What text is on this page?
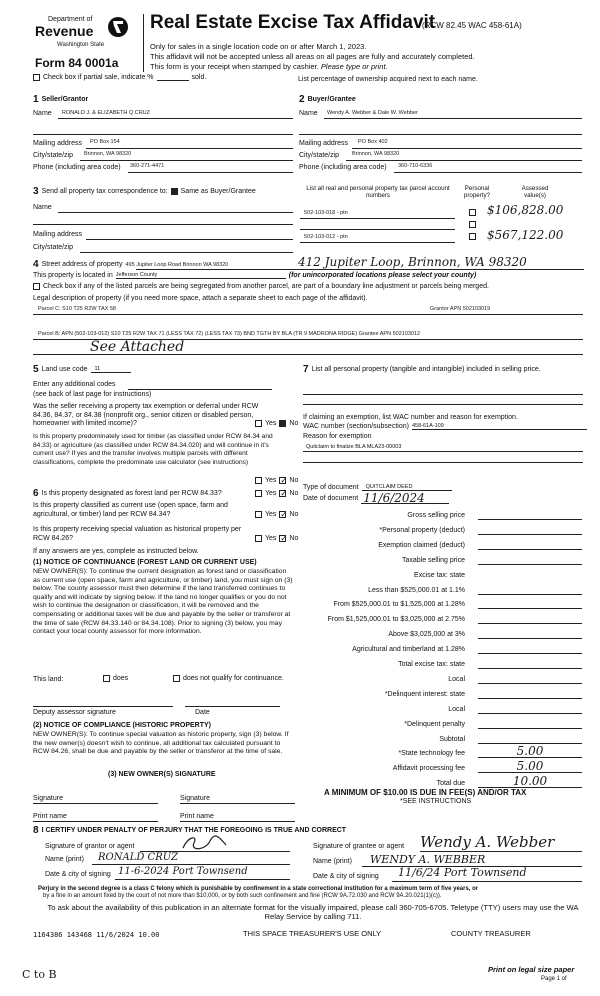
Department of
Revenue
Washington State
Form 84 0001a
Real Estate Excise Tax Affidavit
(RCW 82.45 WAC 458-61A)
Only for sales in a single location code on or after March 1, 2023.
This affidavit will not be accepted unless all areas on all pages are fully and accurately completed.
This form is your receipt when stamped by cashier. Please type or print.
Check box if partial sale, indicate %	sold.	List percentage of ownership acquired next to each name.
1 Seller/Grantor
Name RONALD J. & ELIZABETH Q CRUZ
Mailing address PO Box 154
City/state/zip Brinnon, WA 98320
Phone (including area code) 360-271-4471
2 Buyer/Grantee
Name Wendy A. Webber & Dale W. Webber
Mailing address PO Box 402
City/state/zip Brinnon, WA 98320
Phone (including area code) 360-710-6336
3 Send all property tax correspondence to: Same as Buyer/Grantee
Name
Mailing address
City/state/zip
List all real and personal property tax parcel account numbers
Personal property?
Assessed value(s)
502-103-018 - ptn	$106,828.00
502-103-012 - ptn	$567,122.00
4 Street address of property 495 Jupiter Loop Road Brinnon WA 98320	412 Jupiter Loop, Brinnon, WA 98320
This property is located in Jefferson County	(for unincorporated locations please select your county)
Check box if any of the listed parcels are being segregated from another parcel, are part of a boundary line adjustment or parcels being merged.
Legal description of property (if you need more space, attach a separate sheet to each page of the affidavit).
Parcel C: S10 T25 R2W TAX 58	Grantor APN 502103019
Parcel B: APN (502-103-012) S10 T25 R2W TAX 71 (LESS TAX 72) (LESS TAX 73) BND TGTH BY BLA (TR 9 MADRONA RIDGE) Grantee APN 502103012
See Attached
5 Land use code	11
Enter any additional codes
(see back of last page for instructions)
Was the seller receiving a property tax exemption or deferral under RCW 84.36, 84.37, or 84.38 (nonprofit org., senior citizen or disabled person, homeowner with limited income)?	Yes No
Is this property predominately used for timber (as classified under RCW 84.34 and 84.33) or agriculture (as classified under RCW 84.34.020) and will continue in it's current use? If yes and the transfer involves multiple parcels with different classifications, complete the predominate use calculator (see instructions)
Yes ✓ No
6 Is this property designated as forest land per RCW 84.33?	Yes ✓ No
Is this property classified as current use (open space, farm and agricultural, or timber) land per RCW 84.34?	Yes ✓ No
Is this property receiving special valuation as historical property per RCW 84.26?	Yes ✓ No
If any answers are yes, complete as instructed below.
(1) NOTICE OF CONTINUANCE (FOREST LAND OR CURRENT USE)
NEW OWNER(S): To continue the current designation as forest land or classification as current use (open space, farm and agriculture, or timber) land, you must sign on (3) below. The county assessor must then determine if the land transferred continues to qualify and will indicate by signing below. If the land no longer qualifies or you do not wish to continue the designation or classification, it will be removed and the compensating or additional taxes will be due and payable by the seller or transferor at the time of sale (RCW 84.33.140 or 84.34.108). Prior to signing (3) below, you may contact your local county assessor for more information.
This land:	does	does not qualify for continuance.
Deputy assessor signature	Date
(2) NOTICE OF COMPLIANCE (HISTORIC PROPERTY)
NEW OWNER(S): To continue special valuation as historic property, sign (3) below. If the new owner(s) doesn't wish to continue, all additional tax calculated pursuant to RCW 84.26, shall be due and payable by the seller or transferor at the time of sale.
(3) NEW OWNER(S) SIGNATURE
Signature	Signature
Print name	Print name
7 List all personal property (tangible and intangible) included in selling price.
If claiming an exemption, list WAC number and reason for exemption.
WAC number (section/subsection) 458-61A-109
Reason for exemption
Quitclaim to finalize BLA MLA23-00003
Type of document	QUITCLAIM DEED
Date of document 11/6/2024
Gross selling price
*Personal property (deduct)
Exemption claimed (deduct)
Taxable selling price
Excise tax: state
Less than $525,000.01 at 1.1%
From $525,000.01 to $1,525,000 at 1.28%
From $1,525,000.01 to $3,025,000 at 2.75%
Above $3,025,000 at 3%
Agricultural and timberland at 1.28%
Total excise tax: state
Local
*Delinquent interest: state
Local
*Delinquent penalty
Subtotal
*State technology fee	5.00
Affidavit processing fee	5.00
Total due	10.00
A MINIMUM OF $10.00 IS DUE IN FEE(S) AND/OR TAX
*SEE INSTRUCTIONS
8 I CERTIFY UNDER PENALTY OF PERJURY THAT THE FOREGOING IS TRUE AND CORRECT
Signature of grantor or agent
Name (print) RONALD CRUZ
Date & city of signing 11-6-2024 Port Townsend
Signature of grantee or agent Wendy A. Webber
Name (print) WENDY A. WEBBER
Date & city of signing 11/6/24 Port Townsend
Perjury in the second degree is a class C felony which is punishable by confinement in a state correctional institution for a maximum term of five years, or
by a fine in an amount fixed by the court of not more than $10,000, or by both such confinement and fine (RCW 9A.72.030 and RCW 9A.20.021(1)(c)).
To ask about the availability of this publication in an alternate format for the visually impaired, please call 360-705-6705. Teletype (TTY) users may use the WA Relay Service by calling 711.
1164386 143468 11/6/2024 10.00	THIS SPACE TREASURER'S USE ONLY	COUNTY TREASURER
C to B	Print on legal size paper
Page 1 of
